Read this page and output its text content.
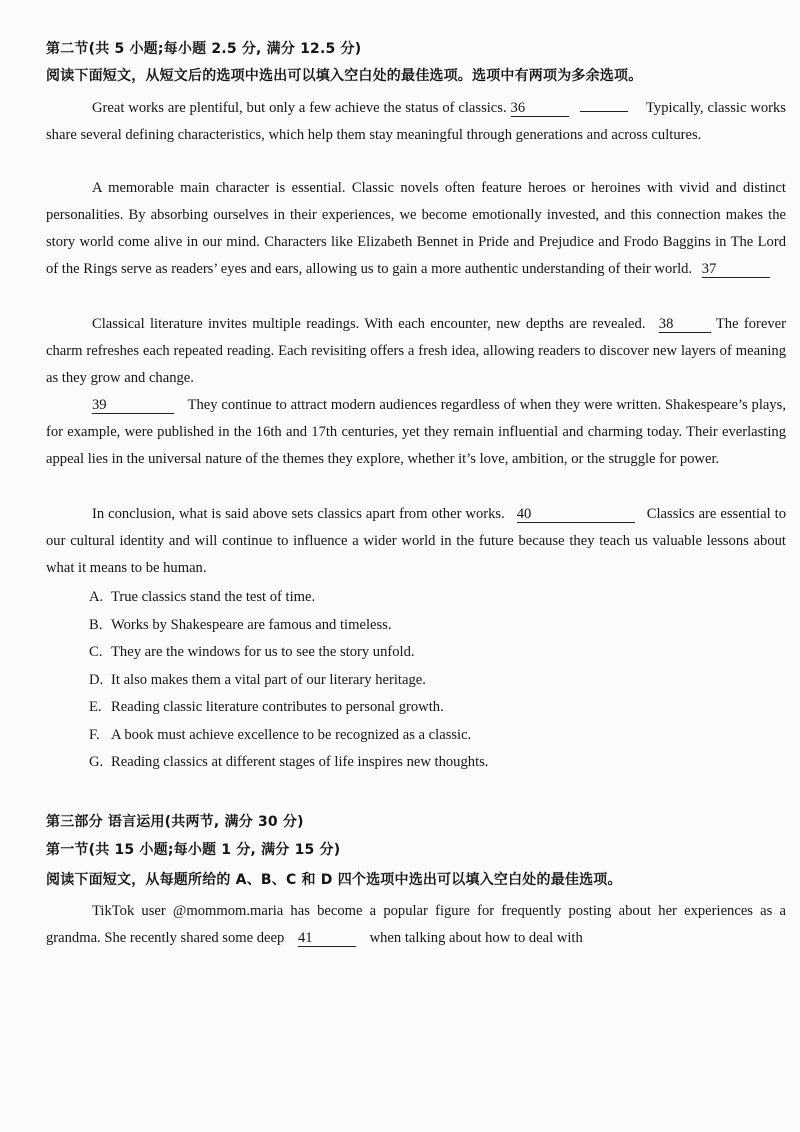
第二节(共 5 小题;每小题 2.5 分, 满分 12.5 分)
阅读下面短文，从短文后的选项中选出可以填入空白处的最佳选项。选项中有两项为多余选项。
Great works are plentiful, but only a few achieve the status of classics. 36	Typically, classic works share several defining characteristics, which help them stay meaningful through generations and across cultures.
A memorable main character is essential. Classic novels often feature heroes or heroines with vivid and distinct personalities. By absorbing ourselves in their experiences, we become emotionally invested, and this connection makes the story world come alive in our mind. Characters like Elizabeth Bennet in Pride and Prejudice and Frodo Baggins in The Lord of the Rings serve as readers’ eyes and ears, allowing us to gain a more authentic understanding of their world. 37
Classical literature invites multiple readings. With each encounter, new depths are revealed. 38	The forever charm refreshes each repeated reading. Each revisiting offers a fresh idea, allowing readers to discover new layers of meaning as they grow and change.
39	They continue to attract modern audiences regardless of when they were written. Shakespeare’s plays, for example, were published in the 16th and 17th centuries, yet they remain influential and charming today. Their everlasting appeal lies in the universal nature of the themes they explore, whether it’s love, ambition, or the struggle for power.
In conclusion, what is said above sets classics apart from other works. 40	Classics are essential to our cultural identity and will continue to influence a wider world in the future because they teach us valuable lessons about what it means to be human.
A. True classics stand the test of time.
B. Works by Shakespeare are famous and timeless.
C. They are the windows for us to see the story unfold.
D. It also makes them a vital part of our literary heritage.
E. Reading classic literature contributes to personal growth.
F. A book must achieve excellence to be recognized as a classic.
G. Reading classics at different stages of life inspires new thoughts.
第三部分 语言运用(共两节, 满分 30 分)
第一节(共 15 小题;每小题 1 分, 满分 15 分)
阅读下面短文，从每题所给的 A、B、C 和 D 四个选项中选出可以填入空白处的最佳选项。
TikTok user @mommom.maria has become a popular figure for frequently posting about her experiences as a grandma. She recently shared some deep 41	when talking about how to deal with
